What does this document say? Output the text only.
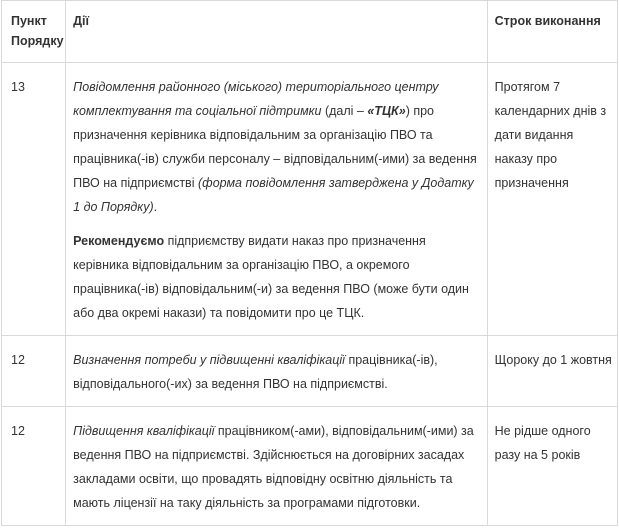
Пункт Порядку	Дії	Строк виконання
13	Повідомлення районного (міського) територіального центру комплектування та соціальної підтримки (далі – «ТЦК») про призначення керівника відповідальним за організацію ПВО та працівника(-ів) служби персоналу – відповідальним(-ими) за ведення ПВО на підприємстві (форма повідомлення затверджена у Додатку 1 до Порядку).

Рекомендуємо підприємству видати наказ про призначення керівника відповідальним за організацію ПВО, а окремого працівника(-ів) відповідальним(-и) за ведення ПВО (може бути один або два окремі накази) та повідомити про це ТЦК.	Протягом 7 календарних днів з дати видання наказу про призначення
12	Визначення потреби у підвищенні кваліфікації працівника(-ів), відповідального(-их) за ведення ПВО на підприємстві.	Щороку до 1 жовтня
12	Підвищення кваліфікації працівником(-ами), відповідальним(-ими) за ведення ПВО на підприємстві. Здійснюється на договірних засадах закладами освіти, що провадять відповідну освітню діяльність та мають ліцензії на таку діяльність за програмами підготовки.	Не рідше одного разу на 5 років
